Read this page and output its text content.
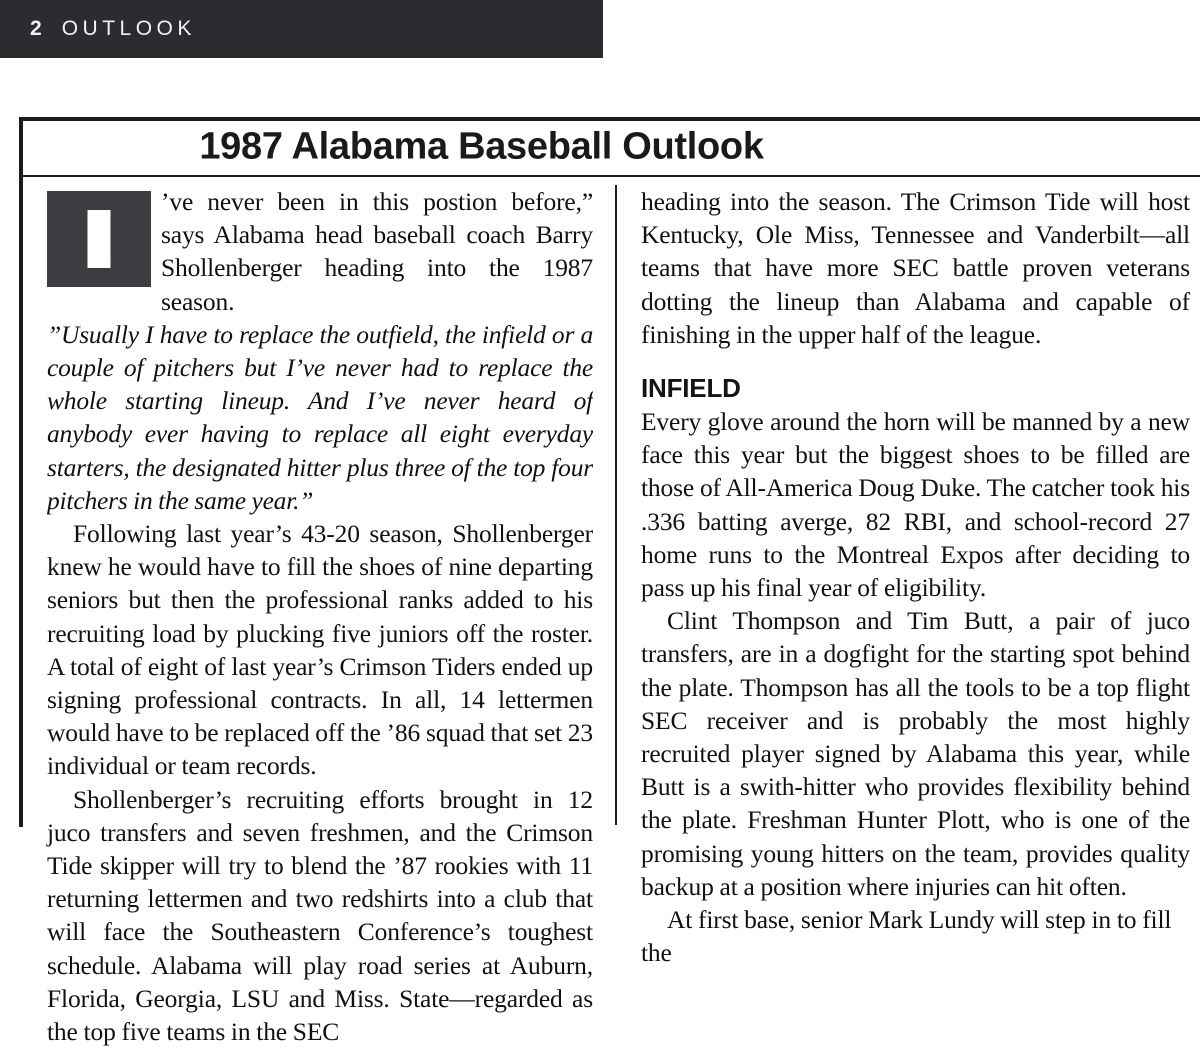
2 OUTLOOK
1987 Alabama Baseball Outlook
’ve never been in this postion before,” says Alabama head baseball coach Barry Shollenberger heading into the 1987 season.

”Usually I have to replace the outfield, the infield or a couple of pitchers but I’ve never had to replace the whole starting lineup. And I’ve never heard of anybody ever having to replace all eight everyday starters, the designated hitter plus three of the top four pitchers in the same year.”

Following last year’s 43-20 season, Shollenberger knew he would have to fill the shoes of nine departing seniors but then the professional ranks added to his recruiting load by plucking five juniors off the roster. A total of eight of last year’s Crimson Tiders ended up signing professional contracts. In all, 14 lettermen would have to be replaced off the ’86 squad that set 23 individual or team records.

Shollenberger’s recruiting efforts brought in 12 juco transfers and seven freshmen, and the Crimson Tide skipper will try to blend the ’87 rookies with 11 returning lettermen and two redshirts into a club that will face the Southeastern Conference’s toughest schedule. Alabama will play road series at Auburn, Florida, Georgia, LSU and Miss. State—regarded as the top five teams in the SEC

heading into the season. The Crimson Tide will host Kentucky, Ole Miss, Tennessee and Vanderbilt—all teams that have more SEC battle proven veterans dotting the lineup than Alabama and capable of finishing in the upper half of the league.

INFIELD

Every glove around the horn will be manned by a new face this year but the biggest shoes to be filled are those of All-America Doug Duke. The catcher took his .336 batting averge, 82 RBI, and school-record 27 home runs to the Montreal Expos after deciding to pass up his final year of eligibility.

Clint Thompson and Tim Butt, a pair of juco transfers, are in a dogfight for the starting spot behind the plate. Thompson has all the tools to be a top flight SEC receiver and is probably the most highly recruited player signed by Alabama this year, while Butt is a swith-hitter who provides flexibility behind the plate. Freshman Hunter Plott, who is one of the promising young hitters on the team, provides quality backup at a position where injuries can hit often.

At first base, senior Mark Lundy will step in to fill the
